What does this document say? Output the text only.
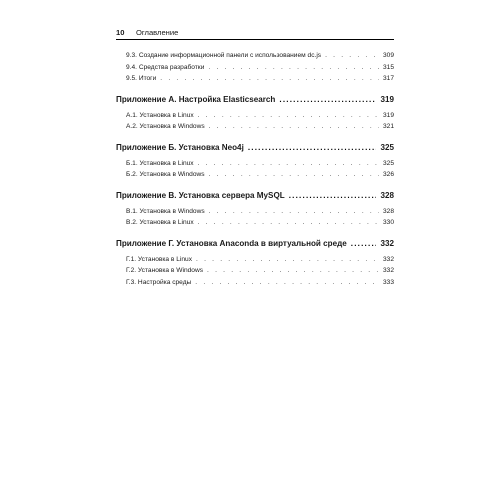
10 Оглавление
9.3. Создание информационной панели с использованием dc.js . . .	309
9.4. Средства разработки . . .	315
9.5. Итоги . . .	317
Приложение А. Настройка Elasticsearch .....	319
А.1. Установка в Linux . . .	319
А.2. Установка в Windows . . .	321
Приложение Б. Установка Neo4j .....	325
Б.1. Установка в Linux . . .	325
Б.2. Установка в Windows . . .	326
Приложение В. Установка сервера MySQL .....	328
В.1. Установка в Windows . . .	328
В.2. Установка в Linux . . .	330
Приложение Г. Установка Anaconda в виртуальной среде .....	332
Г.1. Установка в Linux . . .	332
Г.2. Установка в Windows . . .	332
Г.3. Настройка среды . . .	333
